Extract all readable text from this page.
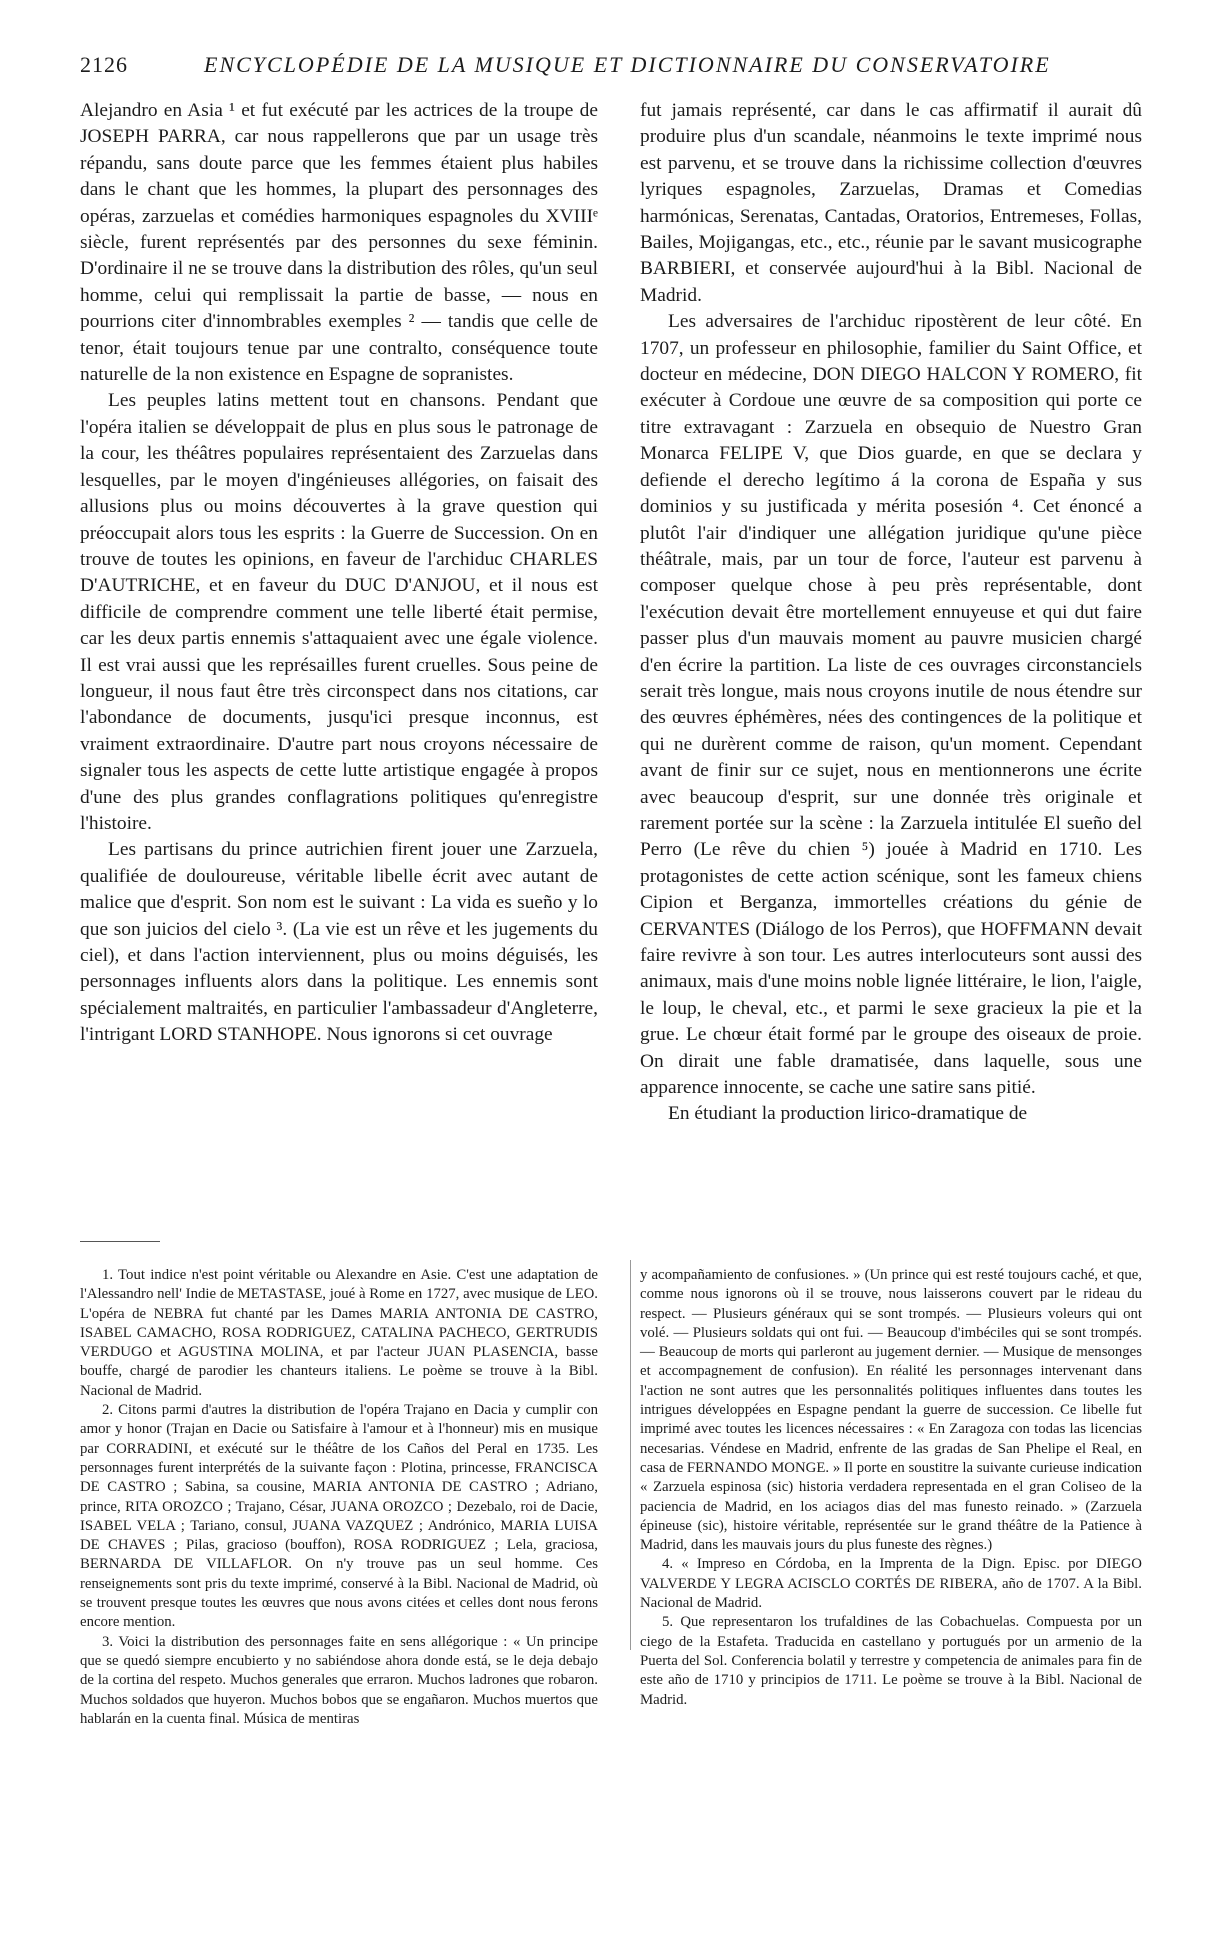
2126	ENCYCLOPÉDIE DE LA MUSIQUE ET DICTIONNAIRE DU CONSERVATOIRE

Alejandro en Asia ¹ et fut exécuté par les actrices de la troupe de JOSEPH PARRA, car nous rappellerons que par un usage très répandu, sans doute parce que les femmes étaient plus habiles dans le chant que les hommes, la plupart des personnages des opéras, zarzuelas et comédies harmoniques espagnoles du XVIIIᵉ siècle, furent représentés par des personnes du sexe féminin. D'ordinaire il ne se trouve dans la distribution des rôles, qu'un seul homme, celui qui remplissait la partie de basse, — nous en pourrions citer d'innombrables exemples ² — tandis que celle de tenor, était toujours tenue par une contralto, conséquence toute naturelle de la non existence en Espagne de sopranistes.

Les peuples latins mettent tout en chansons. Pendant que l'opéra italien se développait de plus en plus sous le patronage de la cour, les théâtres populaires représentaient des Zarzuelas dans lesquelles, par le moyen d'ingénieuses allégories, on faisait des allusions plus ou moins découvertes à la grave question qui préoccupait alors tous les esprits : la Guerre de Succession. On en trouve de toutes les opinions, en faveur de l'archiduc CHARLES D'AUTRICHE, et en faveur du DUC D'ANJOU, et il nous est difficile de comprendre comment une telle liberté était permise, car les deux partis ennemis s'attaquaient avec une égale violence. Il est vrai aussi que les représailles furent cruelles. Sous peine de longueur, il nous faut être très circonspect dans nos citations, car l'abondance de documents, jusqu'ici presque inconnus, est vraiment extraordinaire. D'autre part nous croyons nécessaire de signaler tous les aspects de cette lutte artistique engagée à propos d'une des plus grandes conflagrations politiques qu'enregistre l'histoire.

Les partisans du prince autrichien firent jouer une Zarzuela, qualifiée de douloureuse, véritable libelle écrit avec autant de malice que d'esprit. Son nom est le suivant : La vida es sueño y lo que son juicios del cielo ³. (La vie est un rêve et les jugements du ciel), et dans l'action interviennent, plus ou moins déguisés, les personnages influents alors dans la politique. Les ennemis sont spécialement maltraités, en particulier l'ambassadeur d'Angleterre, l'intrigant LORD STANHOPE. Nous ignorons si cet ouvrage

fut jamais représenté, car dans le cas affirmatif il aurait dû produire plus d'un scandale, néanmoins le texte imprimé nous est parvenu, et se trouve dans la richissime collection d'œuvres lyriques espagnoles, Zarzuelas, Dramas et Comedias harmónicas, Serenatas, Cantadas, Oratorios, Entremeses, Follas, Bailes, Mojigangas, etc., etc., réunie par le savant musicographe BARBIERI, et conservée aujourd'hui à la Bibl. Nacional de Madrid.

Les adversaires de l'archiduc ripostèrent de leur côté. En 1707, un professeur en philosophie, familier du Saint Office, et docteur en médecine, DON DIEGO HALCON Y ROMERO, fit exécuter à Cordoue une œuvre de sa composition qui porte ce titre extravagant : Zarzuela en obsequio de Nuestro Gran Monarca FELIPE V, que Dios guarde, en que se declara y defiende el derecho legítimo á la corona de España y sus dominios y su justificada y mérita posesión ⁴. Cet énoncé a plutôt l'air d'indiquer une allégation juridique qu'une pièce théâtrale, mais, par un tour de force, l'auteur est parvenu à composer quelque chose à peu près représentable, dont l'exécution devait être mortellement ennuyeuse et qui dut faire passer plus d'un mauvais moment au pauvre musicien chargé d'en écrire la partition. La liste de ces ouvrages circonstanciels serait très longue, mais nous croyons inutile de nous étendre sur des œuvres éphémères, nées des contingences de la politique et qui ne durèrent comme de raison, qu'un moment. Cependant avant de finir sur ce sujet, nous en mentionnerons une écrite avec beaucoup d'esprit, sur une donnée très originale et rarement portée sur la scène : la Zarzuela intitulée El sueño del Perro (Le rêve du chien ⁵) jouée à Madrid en 1710. Les protagonistes de cette action scénique, sont les fameux chiens Cipion et Berganza, immortelles créations du génie de CERVANTES (Diálogo de los Perros), que HOFFMANN devait faire revivre à son tour. Les autres interlocuteurs sont aussi des animaux, mais d'une moins noble lignée littéraire, le lion, l'aigle, le loup, le cheval, etc., et parmi le sexe gracieux la pie et la grue. Le chœur était formé par le groupe des oiseaux de proie. On dirait une fable dramatisée, dans laquelle, sous une apparence innocente, se cache une satire sans pitié.

En étudiant la production lirico-dramatique de

1. Tout indice n'est point véritable ou Alexandre en Asie. C'est une adaptation de l'Alessandro nell' Indie de METASTASE, joué à Rome en 1727, avec musique de LEO. L'opéra de NEBRA fut chanté par les Dames MARIA ANTONIA DE CASTRO, ISABEL CAMACHO, ROSA RODRIGUEZ, CATALINA PACHECO, GERTRUDIS VERDUGO et AGUSTINA MOLINA, et par l'acteur JUAN PLASENCIA, basse bouffe, chargé de parodier les chanteurs italiens. Le poème se trouve à la Bibl. Nacional de Madrid.

2. Citons parmi d'autres la distribution de l'opéra Trajano en Dacia y cumplir con amor y honor (Trajan en Dacie ou Satisfaire à l'amour et à l'honneur) mis en musique par CORRADINI, et exécuté sur le théâtre de los Caños del Peral en 1735. Les personnages furent interprétés de la suivante façon : Plotina, princesse, FRANCISCA DE CASTRO ; Sabina, sa cousine, MARIA ANTONIA DE CASTRO ; Adriano, prince, RITA OROZCO ; Trajano, César, JUANA OROZCO ; Dezebalo, roi de Dacie, ISABEL VELA ; Tariano, consul, JUANA VAZQUEZ ; Andrónico, MARIA LUISA DE CHAVES ; Pilas, gracioso (bouffon), ROSA RODRIGUEZ ; Lela, graciosa, BERNARDA DE VILLAFLOR. On n'y trouve pas un seul homme. Ces renseignements sont pris du texte imprimé, conservé à la Bibl. Nacional de Madrid, où se trouvent presque toutes les œuvres que nous avons citées et celles dont nous ferons encore mention.

3. Voici la distribution des personnages faite en sens allégorique : « Un principe que se quedó siempre encubierto y no sabiéndose ahora donde está, se le deja debajo de la cortina del respeto. Muchos generales que erraron. Muchos ladrones que robaron. Muchos soldados que huyeron. Muchos bobos que se engañaron. Muchos muertos que hablarán en la cuenta final. Música de mentiras

y acompañamiento de confusiones. » (Un prince qui est resté toujours caché, et que, comme nous ignorons où il se trouve, nous laisserons couvert par le rideau du respect. — Plusieurs généraux qui se sont trompés. — Plusieurs voleurs qui ont volé. — Plusieurs soldats qui ont fui. — Beaucoup d'imbéciles qui se sont trompés. — Beaucoup de morts qui parleront au jugement dernier. — Musique de mensonges et accompagnement de confusion). En réalité les personnages intervenant dans l'action ne sont autres que les personnalités politiques influentes dans toutes les intrigues développées en Espagne pendant la guerre de succession. Ce libelle fut imprimé avec toutes les licences nécessaires : « En Zaragoza con todas las licencias necesarias. Véndese en Madrid, enfrente de las gradas de San Phelipe el Real, en casa de FERNANDO MONGE. » Il porte en soustitre la suivante curieuse indication « Zarzuela espinosa (sic) historia verdadera representada en el gran Coliseo de la paciencia de Madrid, en los aciagos dias del mas funesto reinado. » (Zarzuela épineuse (sic), histoire véritable, représentée sur le grand théâtre de la Patience à Madrid, dans les mauvais jours du plus funeste des règnes.)

4. « Impreso en Córdoba, en la Imprenta de la Dign. Episc. por DIEGO VALVERDE Y LEGRA ACISCLO CORTÉS DE RIBERA, año de 1707. A la Bibl. Nacional de Madrid.

5. Que representaron los trufaldines de las Cobachuelas. Compuesta por un ciego de la Estafeta. Traducida en castellano y portugués por un armenio de la Puerta del Sol. Conferencia bolatil y terrestre y competencia de animales para fin de este año de 1710 y principios de 1711. Le poème se trouve à la Bibl. Nacional de Madrid.
